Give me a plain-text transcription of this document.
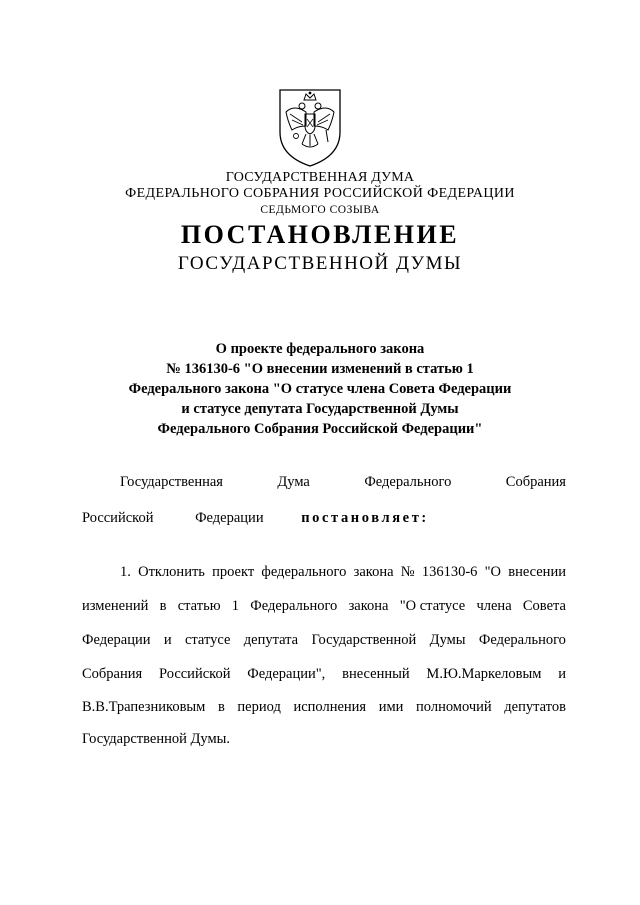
ГОСУДАРСТВЕННАЯ ДУМА
ФЕДЕРАЛЬНОГО СОБРАНИЯ РОССИЙСКОЙ ФЕДЕРАЦИИ
СЕДЬМОГО СОЗЫВА
ПОСТАНОВЛЕНИЕ
ГОСУДАРСТВЕННОЙ ДУМЫ
О проекте федерального закона
№ 136130-6 "О внесении изменений в статью 1
Федерального закона "О статусе члена Совета Федерации
и статусе депутата Государственной Думы
Федерального Собрания Российской Федерации"
Государственная	Дума	Федерального	Собрания
Российской	Федерации	постановляет:
1. Отклонить проект федерального закона № 136130-6 "О внесении
изменений в статью 1 Федерального закона "О статусе члена Совета
Федерации и статусе депутата Государственной Думы Федерального
Собрания Российской Федерации", внесенный М.Ю.Маркеловым и
В.В.Трапезниковым в период исполнения ими полномочий депутатов
Государственной Думы.
